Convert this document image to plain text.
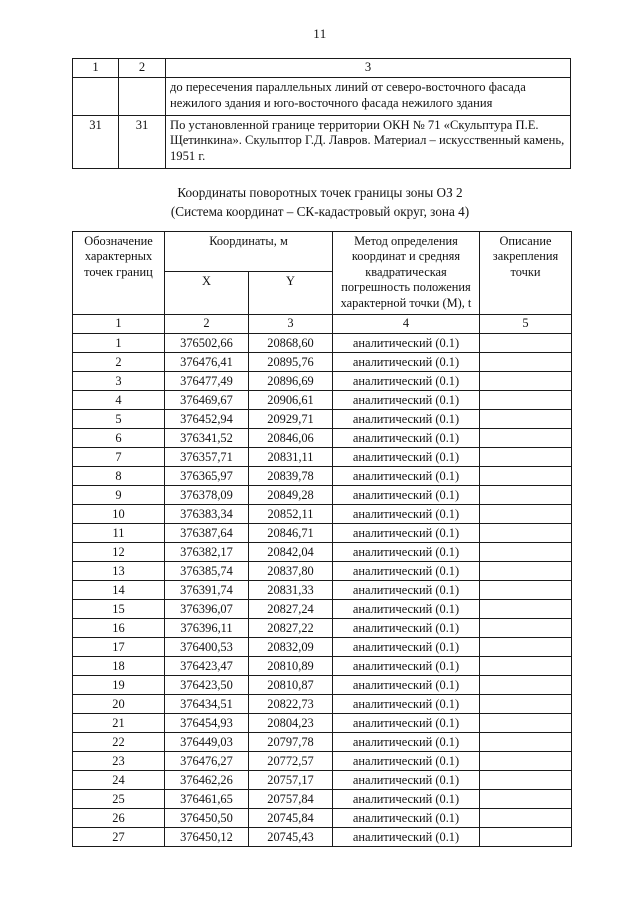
11
1	2	3
		до пересечения параллельных линий от северо-восточного фасада нежилого здания и юго-восточного фасада нежилого здания
31	31	По установленной границе территории ОКН № 71 «Скульптура П.Е. Щетинкина». Скульптор Г.Д. Лавров. Материал – искусственный камень, 1951 г.
Координаты поворотных точек границы зоны ОЗ 2
(Система координат – СК-кадастровый округ, зона 4)
Обозначение характерных точек границ	Координаты, м		Метод определения координат и средняя квадратическая погрешность положения характерной точки (М), t	Описание закрепления точки
	X	Y		
1	2	3	4	5
1	376502,66	20868,60	аналитический (0.1)	
2	376476,41	20895,76	аналитический (0.1)	
3	376477,49	20896,69	аналитический (0.1)	
4	376469,67	20906,61	аналитический (0.1)	
5	376452,94	20929,71	аналитический (0.1)	
6	376341,52	20846,06	аналитический (0.1)	
7	376357,71	20831,11	аналитический (0.1)	
8	376365,97	20839,78	аналитический (0.1)	
9	376378,09	20849,28	аналитический (0.1)	
10	376383,34	20852,11	аналитический (0.1)	
11	376387,64	20846,71	аналитический (0.1)	
12	376382,17	20842,04	аналитический (0.1)	
13	376385,74	20837,80	аналитический (0.1)	
14	376391,74	20831,33	аналитический (0.1)	
15	376396,07	20827,24	аналитический (0.1)	
16	376396,11	20827,22	аналитический (0.1)	
17	376400,53	20832,09	аналитический (0.1)	
18	376423,47	20810,89	аналитический (0.1)	
19	376423,50	20810,87	аналитический (0.1)	
20	376434,51	20822,73	аналитический (0.1)	
21	376454,93	20804,23	аналитический (0.1)	
22	376449,03	20797,78	аналитический (0.1)	
23	376476,27	20772,57	аналитический (0.1)	
24	376462,26	20757,17	аналитический (0.1)	
25	376461,65	20757,84	аналитический (0.1)	
26	376450,50	20745,84	аналитический (0.1)	
27	376450,12	20745,43	аналитический (0.1)	
